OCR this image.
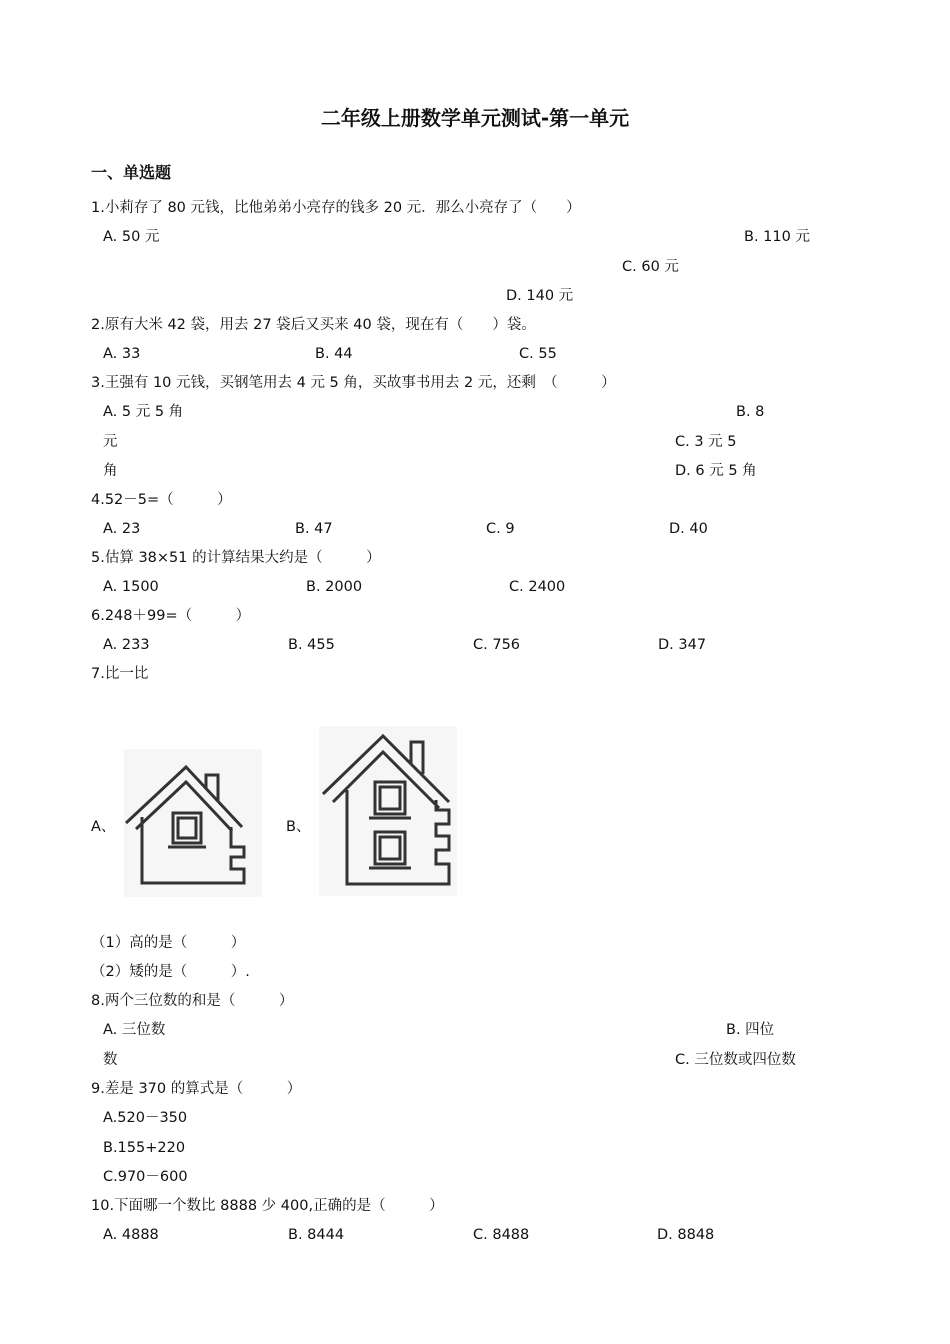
二年级上册数学单元测试-第一单元
一、单选题
1.小莉存了 80 元钱，比他弟弟小亮存的钱多 20 元．那么小亮存了（　　）
A. 50 元	B. 110 元
C. 60 元
D. 140 元
2.原有大米 42 袋，用去 27 袋后又买来 40 袋，现在有（　　）袋。
A. 33	B. 44	C. 55
3.王强有 10 元钱，买钢笔用去 4 元 5 角，买故事书用去 2 元，还剩　（　　　）
A. 5 元 5 角	B. 8
元	C. 3 元 5
角	D. 6 元 5 角
4.52－5=（　　　）
A. 23	B. 47	C. 9	D. 40
5.估算 38×51 的计算结果大约是（　　　）
A. 1500	B. 2000	C. 2400
6.248＋99=（　　　）
A. 233	B. 455	C. 756	D. 347
7.比一比
A、	B、
（1）高的是（　　　）
（2）矮的是（　　　）.
8.两个三位数的和是（　　　）
A. 三位数	B. 四位
数	C. 三位数或四位数
9.差是 370 的算式是（　　　）
A.520－350
B.155+220
C.970－600
10.下面哪一个数比 8888 少 400,正确的是（　　　）
A. 4888	B. 8444	C. 8488	D. 8848
